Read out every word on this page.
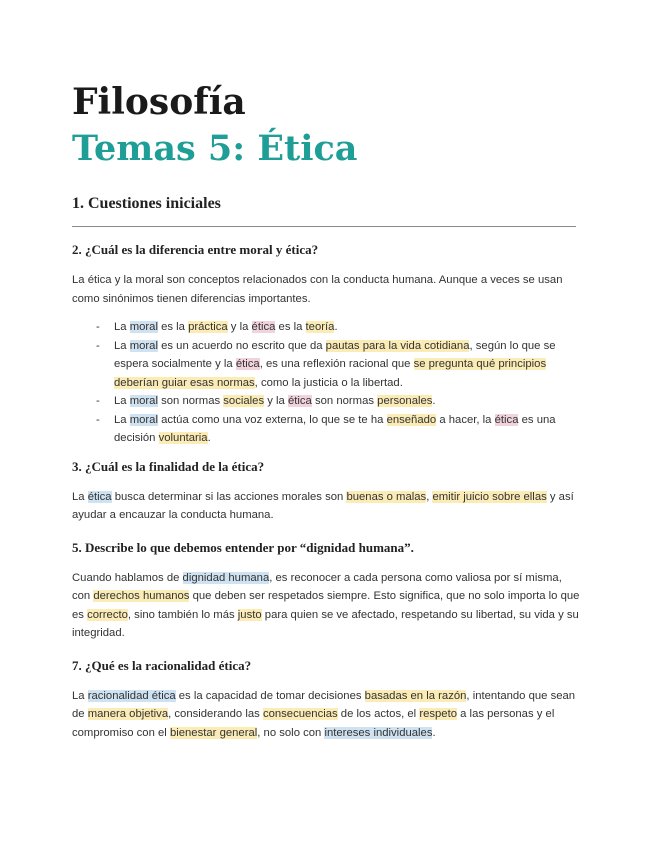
Filosofía
Temas 5: Ética
1. Cuestiones iniciales
2. ¿Cuál es la diferencia entre moral y ética?
La ética y la moral son conceptos relacionados con la conducta humana. Aunque a veces se usan como sinónimos tienen diferencias importantes.
- La moral es la práctica y la ética es la teoría.
- La moral es un acuerdo no escrito que da pautas para la vida cotidiana, según lo que se espera socialmente y la ética, es una reflexión racional que se pregunta qué principios deberían guiar esas normas, como la justicia o la libertad.
- La moral son normas sociales y la ética son normas personales.
- La moral actúa como una voz externa, lo que se te ha enseñado a hacer, la ética es una decisión voluntaria.
3. ¿Cuál es la finalidad de la ética?
La ética busca determinar si las acciones morales son buenas o malas, emitir juicio sobre ellas y así ayudar a encauzar la conducta humana.
5. Describe lo que debemos entender por “dignidad humana”.
Cuando hablamos de dignidad humana, es reconocer a cada persona como valiosa por sí misma, con derechos humanos que deben ser respetados siempre. Esto significa, que no solo importa lo que es correcto, sino también lo más justo para quien se ve afectado, respetando su libertad, su vida y su integridad.
7. ¿Qué es la racionalidad ética?
La racionalidad ética es la capacidad de tomar decisiones basadas en la razón, intentando que sean de manera objetiva, considerando las consecuencias de los actos, el respeto a las personas y el compromiso con el bienestar general, no solo con intereses individuales.
